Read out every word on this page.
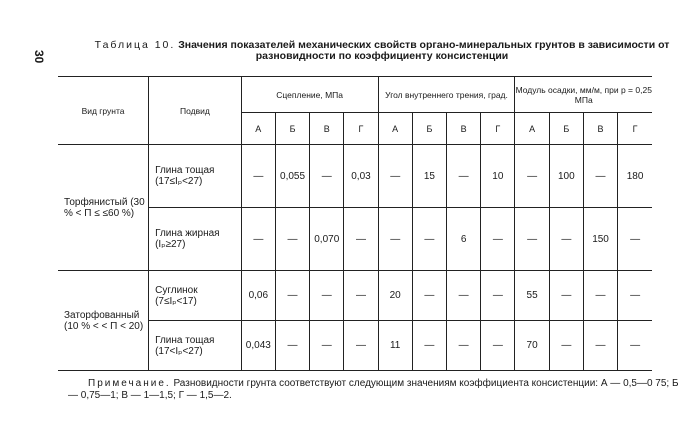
30
Таблица 10. Значения показателей механических свойств органо-минеральных грунтов в зависимости от разновидности по коэффициенту консистенции
Вид грунта	Подвид	Сцепление, МПа				Угол внутреннего трения, град.				Модуль осадки, мм/м, при p = 0,25 МПа			
		А	Б	В	Г	А	Б	В	Г	А	Б	В	Г
Торфянистый (30 % < П ≤ ≤60 %)	Глина тощая (17≤Iₚ<27)	—	0,055	—	0,03	—	15	—	10	—	100	—	180
	Глина жирная (Iₚ≥27)	—	—	0,070	—	—	—	6	—	—	—	150	—
Заторфованный (10 % < < П < 20)	Суглинок (7≤Iₚ<17)	0,06	—	—	—	20	—	—	—	55	—	—	—
	Глина тощая (17<Iₚ<27)	0,043	—	—	—	11	—	—	—	70	—	—	—
Примечание. Разновидности грунта соответствуют следующим значениям коэффициента консистенции: А — 0,5—0 75; Б — 0,75—1; В — 1—1,5; Г — 1,5—2.
